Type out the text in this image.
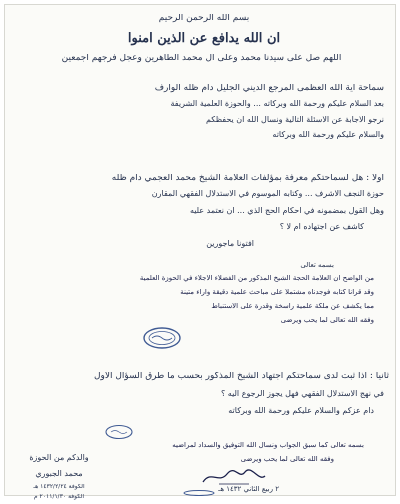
بسم الله الرحمن الرحيم
ان الله يدافع عن الذين آمنوا
اللهم صل على سيدنا محمد وعلى آل محمد الطاهرين وعجل فرجهم اجمعين
سماحة آية الله العظمى المرجع الديني الجليل دام ظله الوارف
بعد السلام عليكم ورحمة الله وبركاته ... والحوزة العلمية الشريفة
نرجو الاجابة عن الاسئلة التالية ونسأل الله ان يحفظكم
والسلام عليكم ورحمة الله وبركاته
أولاً : هل لسماحتكم معرفة بمؤلفات العلامة الشيخ محمد العجمي دام ظله
حوزة النجف الاشرف ... وكتابه الموسوم في الاستدلال الفقهي المقارن
وهل القول بمضمونه في احكام الحج الذي ... ان نعتمد عليه
كاشف عن اجتهاده أم لا ؟
افتونا مأجورين
بسمه تعالى
من الواضح أن العلامة الحجة الشيخ المذكور من الفضلاء الاجلاء في الحوزة العلمية
وقد قرأنا كتابه فوجدناه مشتملاً على مباحث علمية دقيقة وآراء متينة
مما يكشف عن ملكة علمية راسخة وقدرة على الاستنباط
وفقه الله تعالى لما يحب ويرضى
ثانياً : اذا ثبت لدى سماحتكم اجتهاد الشيخ المذكور بحسب ما طرق السؤال الاول
في نهج الاستدلال الفقهي فهل يجوز الرجوع اليه ؟
دام عزكم والسلام عليكم ورحمة الله وبركاته
بسمه تعالى كما سبق الجواب ونسأل الله التوفيق والسداد لمراضيه
وفقه الله تعالى لما يحب ويرضى
٢ ربيع الثاني ١٤٣٢ هـ
والدكم من الحوزة
محمد الجبوري
الكوفة ١٤٣٢/٢/٢٤ هـ
الكوفة ٢٠١١/١/٣٠ م
